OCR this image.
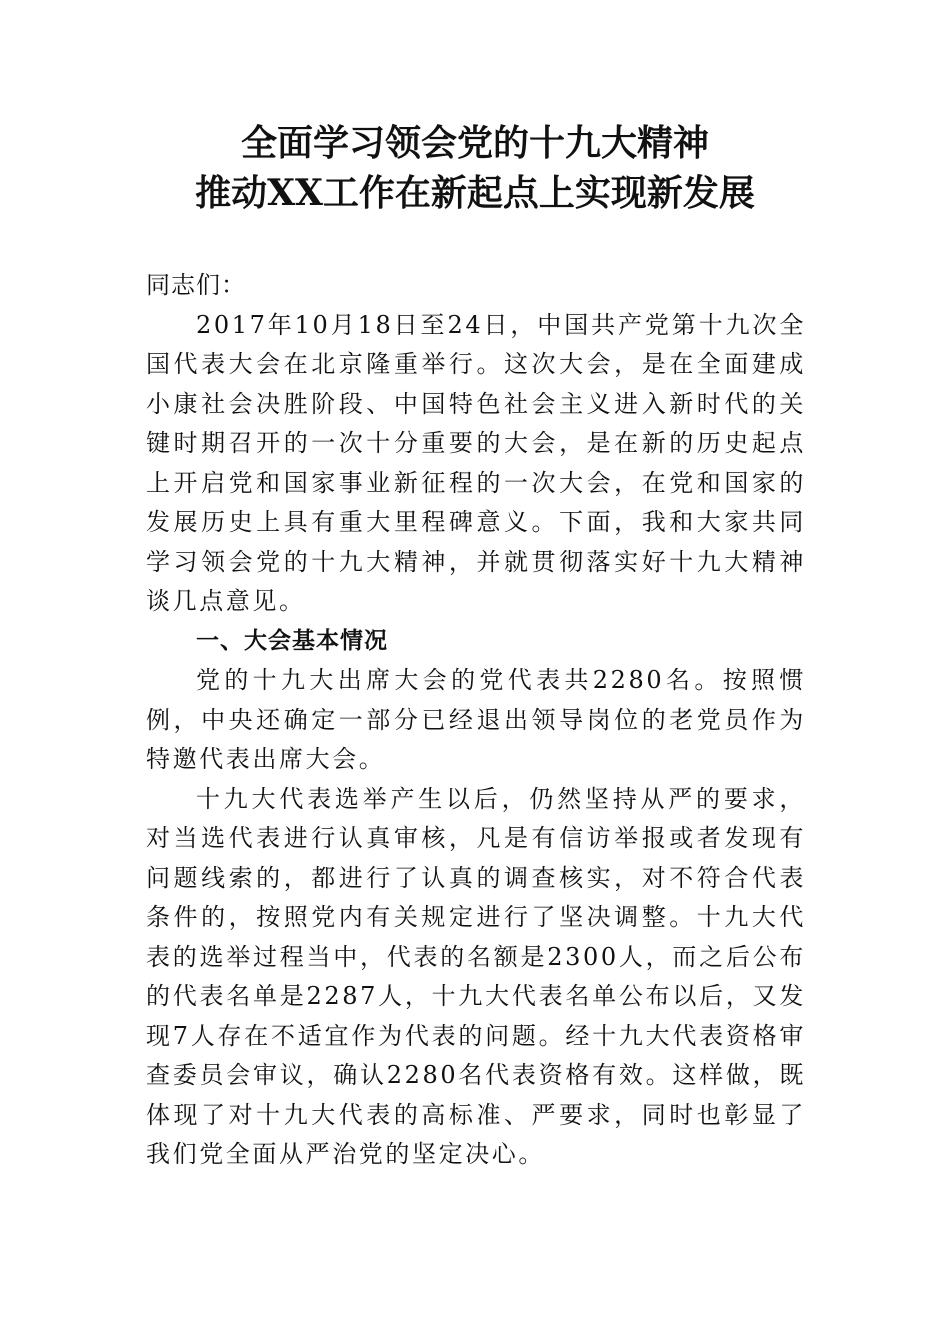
全面学习领会党的十九大精神
推动XX工作在新起点上实现新发展

同志们：

2017年10月18日至24日，中国共产党第十九次全国代表大会在北京隆重举行。这次大会，是在全面建成小康社会决胜阶段、中国特色社会主义进入新时代的关键时期召开的一次十分重要的大会，是在新的历史起点上开启党和国家事业新征程的一次大会，在党和国家的发展历史上具有重大里程碑意义。下面，我和大家共同学习领会党的十九大精神，并就贯彻落实好十九大精神谈几点意见。

一、大会基本情况

党的十九大出席大会的党代表共2280名。按照惯例，中央还确定一部分已经退出领导岗位的老党员作为特邀代表出席大会。

十九大代表选举产生以后，仍然坚持从严的要求，对当选代表进行认真审核，凡是有信访举报或者发现有问题线索的，都进行了认真的调查核实，对不符合代表条件的，按照党内有关规定进行了坚决调整。十九大代表的选举过程当中，代表的名额是2300人，而之后公布的代表名单是2287人，十九大代表名单公布以后，又发现7人存在不适宜作为代表的问题。经十九大代表资格审查委员会审议，确认2280名代表资格有效。这样做，既体现了对十九大代表的高标准、严要求，同时也彰显了我们党全面从严治党的坚定决心。
